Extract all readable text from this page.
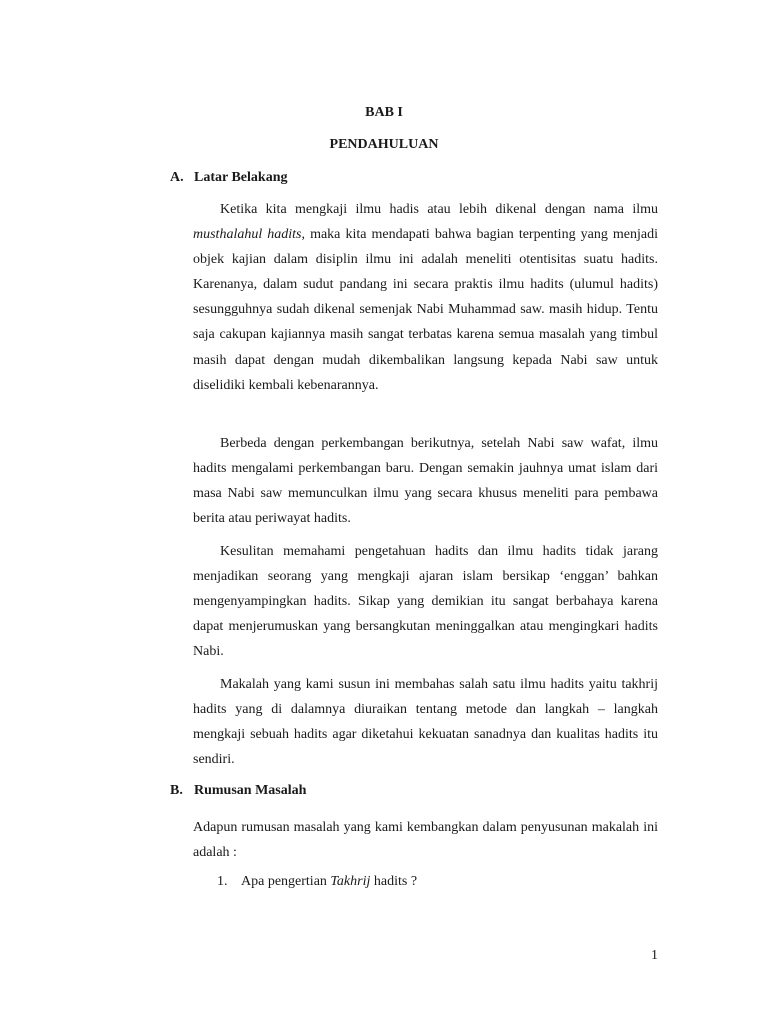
BAB I
PENDAHULUAN
A. Latar Belakang

Ketika kita mengkaji ilmu hadis atau lebih dikenal dengan nama ilmu musthalahul hadits, maka kita mendapati bahwa bagian terpenting yang menjadi objek kajian dalam disiplin ilmu ini adalah meneliti otentisitas suatu hadits. Karenanya, dalam sudut pandang ini secara praktis ilmu hadits (ulumul hadits) sesungguhnya sudah dikenal semenjak Nabi Muhammad saw. masih hidup. Tentu saja cakupan kajiannya masih sangat terbatas karena semua masalah yang timbul masih dapat dengan mudah dikembalikan langsung kepada Nabi saw untuk diselidiki kembali kebenarannya.

Berbeda dengan perkembangan berikutnya, setelah Nabi saw wafat, ilmu hadits mengalami perkembangan baru. Dengan semakin jauhnya umat islam dari masa Nabi saw memunculkan ilmu yang secara khusus meneliti para pembawa berita atau periwayat hadits.

Kesulitan memahami pengetahuan hadits dan ilmu hadits tidak jarang menjadikan seorang yang mengkaji ajaran islam bersikap ‘enggan’ bahkan mengenyampingkan hadits. Sikap yang demikian itu sangat berbahaya karena dapat menjerumuskan yang bersangkutan meninggalkan atau mengingkari hadits Nabi.

Makalah yang kami susun ini membahas salah satu ilmu hadits yaitu takhrij hadits yang di dalamnya diuraikan tentang metode dan langkah – langkah mengkaji sebuah hadits agar diketahui kekuatan sanadnya dan kualitas hadits itu sendiri.

B. Rumusan Masalah

Adapun rumusan masalah yang kami kembangkan dalam penyusunan makalah ini adalah :

1. Apa pengertian Takhrij hadits ?
1
